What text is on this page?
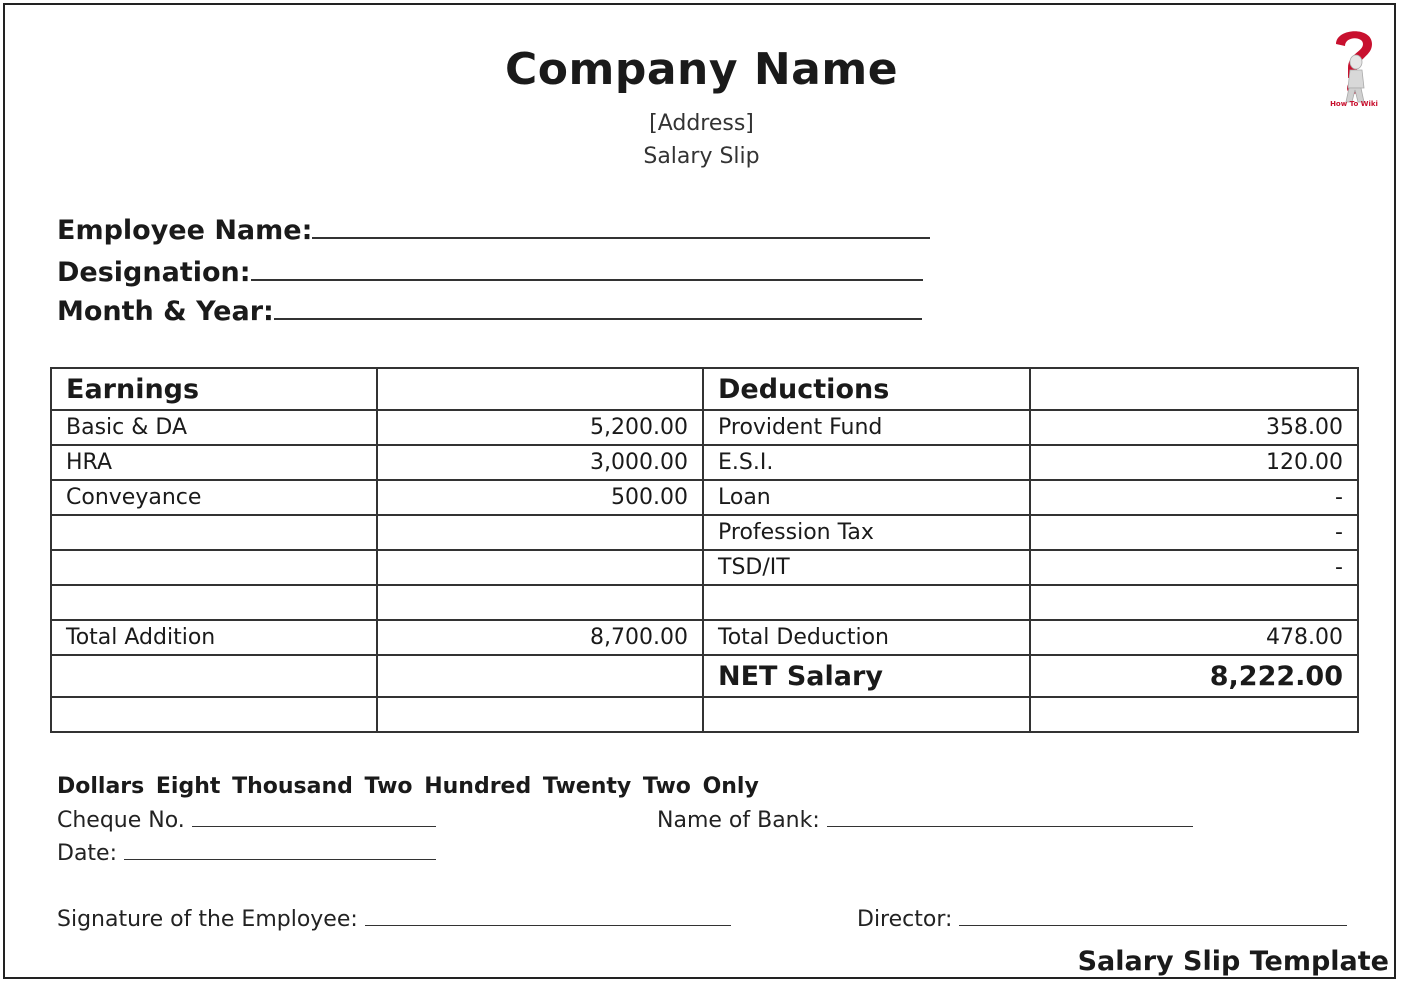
Company Name
[Address]
Salary Slip
How To Wiki
Employee Name:
Designation:
Month & Year:
Earnings		Deductions	
Basic & DA	5,200.00	Provident Fund	358.00
HRA	3,000.00	E.S.I.	120.00
Conveyance	500.00	Loan	-
		Profession Tax	-
		TSD/IT	-

Total Addition	8,700.00	Total Deduction	478.00
		NET Salary	8,222.00

Dollars Eight Thousand Two Hundred Twenty Two Only
Cheque No.	Name of Bank:
Date:
Signature of the Employee:	Director:
Salary Slip Template
